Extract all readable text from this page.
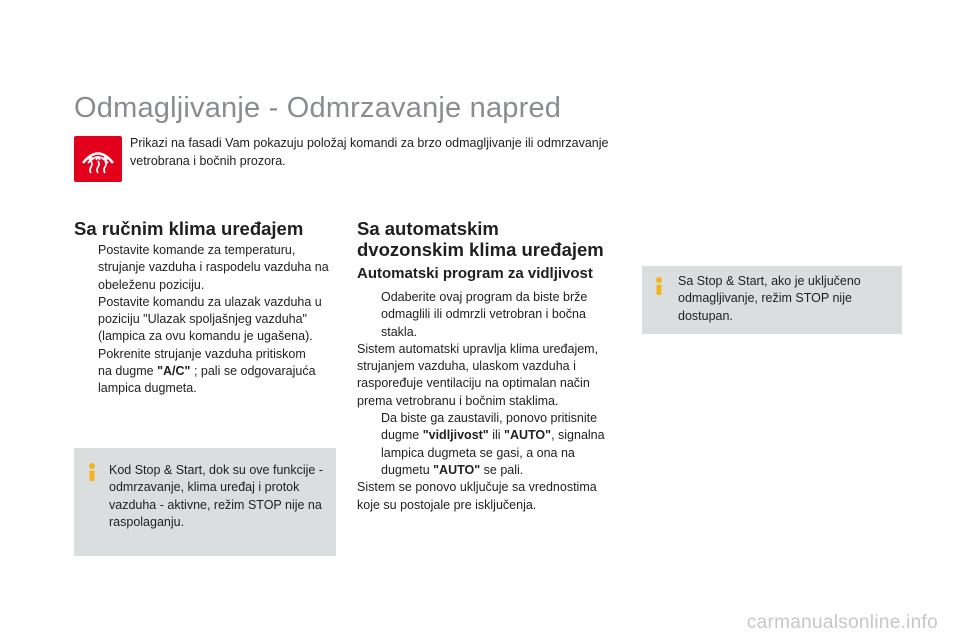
Odmagljivanje - Odmrzavanje napred

Prikazi na fasadi Vam pokazuju položaj komandi za brzo odmagljivanje ili odmrzavanje

vetrobrana i bočnih prozora.

Sa ručnim klima uređajem
Postavite komande za temperaturu,
strujanje vazduha i raspodelu vazduha na
obeleženu poziciju.
Postavite komandu za ulazak vazduha u
poziciju "Ulazak spoljašnjeg vazduha"
(lampica za ovu komandu je ugašena).
Pokrenite strujanje vazduha pritiskom
na dugme "A/C" ; pali se odgovarajuća
lampica dugmeta.
Kod Stop & Start, dok su ove funkcije -
odmrzavanje, klima uređaj i protok
vazduha - aktivne, režim STOP nije na
raspolaganju.
Sa automatskim
dvozonskim klima uređajem
Automatski program za vidljivost
Odaberite ovaj program da biste brže
odmaglili ili odmrzli vetrobran i bočna
stakla.
Sistem automatski upravlja klima uređajem,
strujanjem vazduha, ulaskom vazduha i
raspoređuje ventilaciju na optimalan način
prema vetrobranu i bočnim staklima.
Da biste ga zaustavili, ponovo pritisnite
dugme "vidljivost" ili "AUTO", signalna
lampica dugmeta se gasi, a ona na
dugmetu "AUTO" se pali.
Sistem se ponovo uključuje sa vrednostima
koje su postojale pre isključenja.
Sa Stop & Start, ako je uključeno
odmagljivanje, režim STOP nije
dostupan.
carmanualsonline.info
